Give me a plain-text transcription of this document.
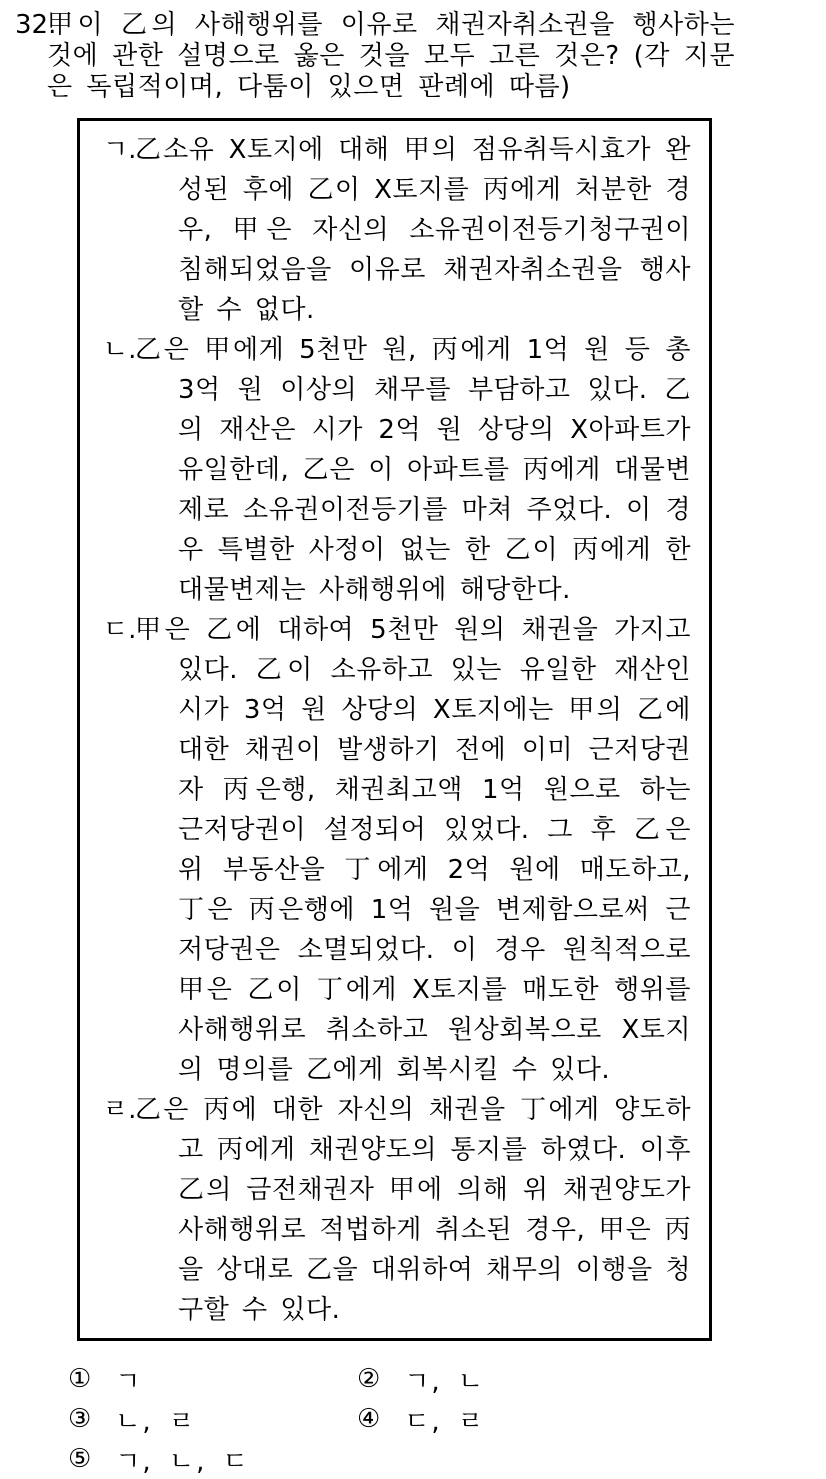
32.
甲이 乙의 사해행위를 이유로 채권자취소권을 행사하는 것에 관한 설명으로 옳은 것을 모두 고른 것은? (각 지문은 독립적이며, 다툼이 있으면 판례에 따름)
ㄱ.
乙소유 X토지에 대해 甲의 점유취득시효가 완성된 후에 乙이 X토지를 丙에게 처분한 경우, 甲은 자신의 소유권이전등기청구권이 침해되었음을 이유로 채권자취소권을 행사할 수 없다.
ㄴ.
乙은 甲에게 5천만 원, 丙에게 1억 원 등 총 3억 원 이상의 채무를 부담하고 있다. 乙의 재산은 시가 2억 원 상당의 X아파트가 유일한데, 乙은 이 아파트를 丙에게 대물변제로 소유권이전등기를 마쳐 주었다. 이 경우 특별한 사정이 없는 한 乙이 丙에게 한 대물변제는 사해행위에 해당한다.
ㄷ.
甲은 乙에 대하여 5천만 원의 채권을 가지고 있다. 乙이 소유하고 있는 유일한 재산인 시가 3억 원 상당의 X토지에는 甲의 乙에 대한 채권이 발생하기 전에 이미 근저당권자 丙은행, 채권최고액 1억 원으로 하는 근저당권이 설정되어 있었다. 그 후 乙은 위 부동산을 丁에게 2억 원에 매도하고, 丁은 丙은행에 1억 원을 변제함으로써 근저당권은 소멸되었다. 이 경우 원칙적으로 甲은 乙이 丁에게 X토지를 매도한 행위를 사해행위로 취소하고 원상회복으로 X토지의 명의를 乙에게 회복시킬 수 있다.
ㄹ.
乙은 丙에 대한 자신의 채권을 丁에게 양도하고 丙에게 채권양도의 통지를 하였다. 이후 乙의 금전채권자 甲에 의해 위 채권양도가 사해행위로 적법하게 취소된 경우, 甲은 丙을 상대로 乙을 대위하여 채무의 이행을 청구할 수 있다.
① ㄱ	② ㄱ, ㄴ
③ ㄴ, ㄹ	④ ㄷ, ㄹ
⑤ ㄱ, ㄴ, ㄷ
